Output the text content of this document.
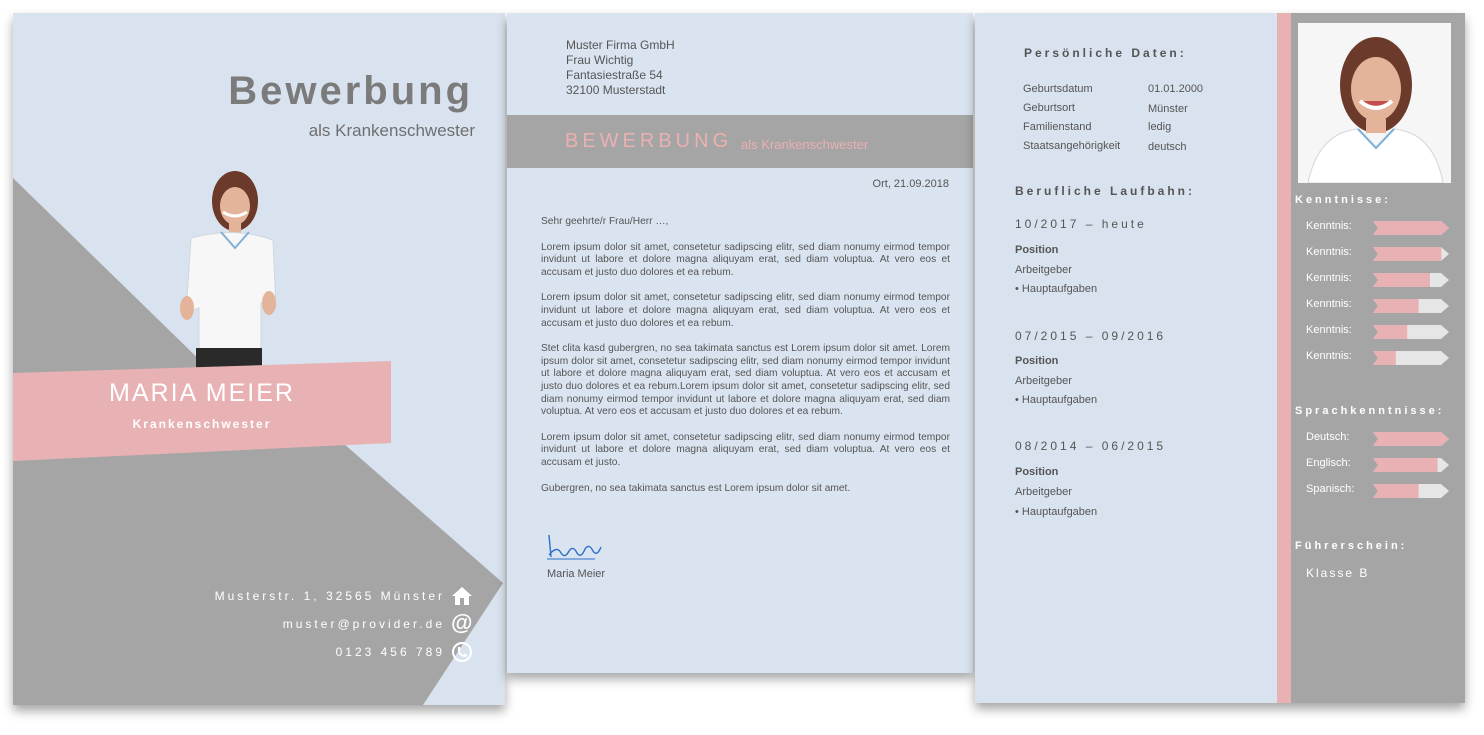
Bewerbung
als Krankenschwester
MARIA MEIER
Krankenschwester
Musterstr. 1, 32565 Münster
muster@provider.de @
0123 456 789
Muster Firma GmbH
Frau Wichtig
Fantasiestraße 54
32100 Musterstadt
BEWERBUNG als Krankenschwester
Ort, 21.09.2018

Sehr geehrte/r Frau/Herr …,

Lorem ipsum dolor sit amet, consetetur sadipscing elitr, sed diam nonumy eirmod tempor invidunt ut labore et dolore magna aliquyam erat, sed diam voluptua. At vero eos et accusam et justo duo dolores et ea rebum.

Lorem ipsum dolor sit amet, consetetur sadipscing elitr, sed diam nonumy eirmod tempor invidunt ut labore et dolore magna aliquyam erat, sed diam voluptua. At vero eos et accusam et justo duo dolores et ea rebum.

Stet clita kasd gubergren, no sea takimata sanctus est Lorem ipsum dolor sit amet. Lorem ipsum dolor sit amet, consetetur sadipscing elitr, sed diam nonumy eirmod tempor invidunt ut labore et dolore magna aliquyam erat, sed diam voluptua. At vero eos et accusam et justo duo dolores et ea rebum.Lorem ipsum dolor sit amet, consetetur sadipscing elitr, sed diam nonumy eirmod tempor invidunt ut labore et dolore magna aliquyam erat, sed diam voluptua. At vero eos et accusam et justo duo dolores et ea rebum.

Lorem ipsum dolor sit amet, consetetur sadipscing elitr, sed diam nonumy eirmod tempor invidunt ut labore et dolore magna aliquyam erat, sed diam voluptua. At vero eos et accusam et justo.

Gubergren, no sea takimata sanctus est Lorem ipsum dolor sit amet.

Maria Meier
Persönliche Daten:
Geburtsdatum	01.01.2000
Geburtsort	Münster
Familienstand	ledig
Staatsangehörigkeit	deutsch
Berufliche Laufbahn:
10/2017 – heute
Position
Arbeitgeber
• Hauptaufgaben
07/2015 – 09/2016
Position
Arbeitgeber
• Hauptaufgaben
08/2014 – 06/2015
Position
Arbeitgeber
• Hauptaufgaben
Kenntnisse:
Kenntnis:
Kenntnis:
Kenntnis:
Kenntnis:
Kenntnis:
Kenntnis:
Sprachkenntnisse:
Deutsch:
Englisch:
Spanisch:
Führerschein:
Klasse B
